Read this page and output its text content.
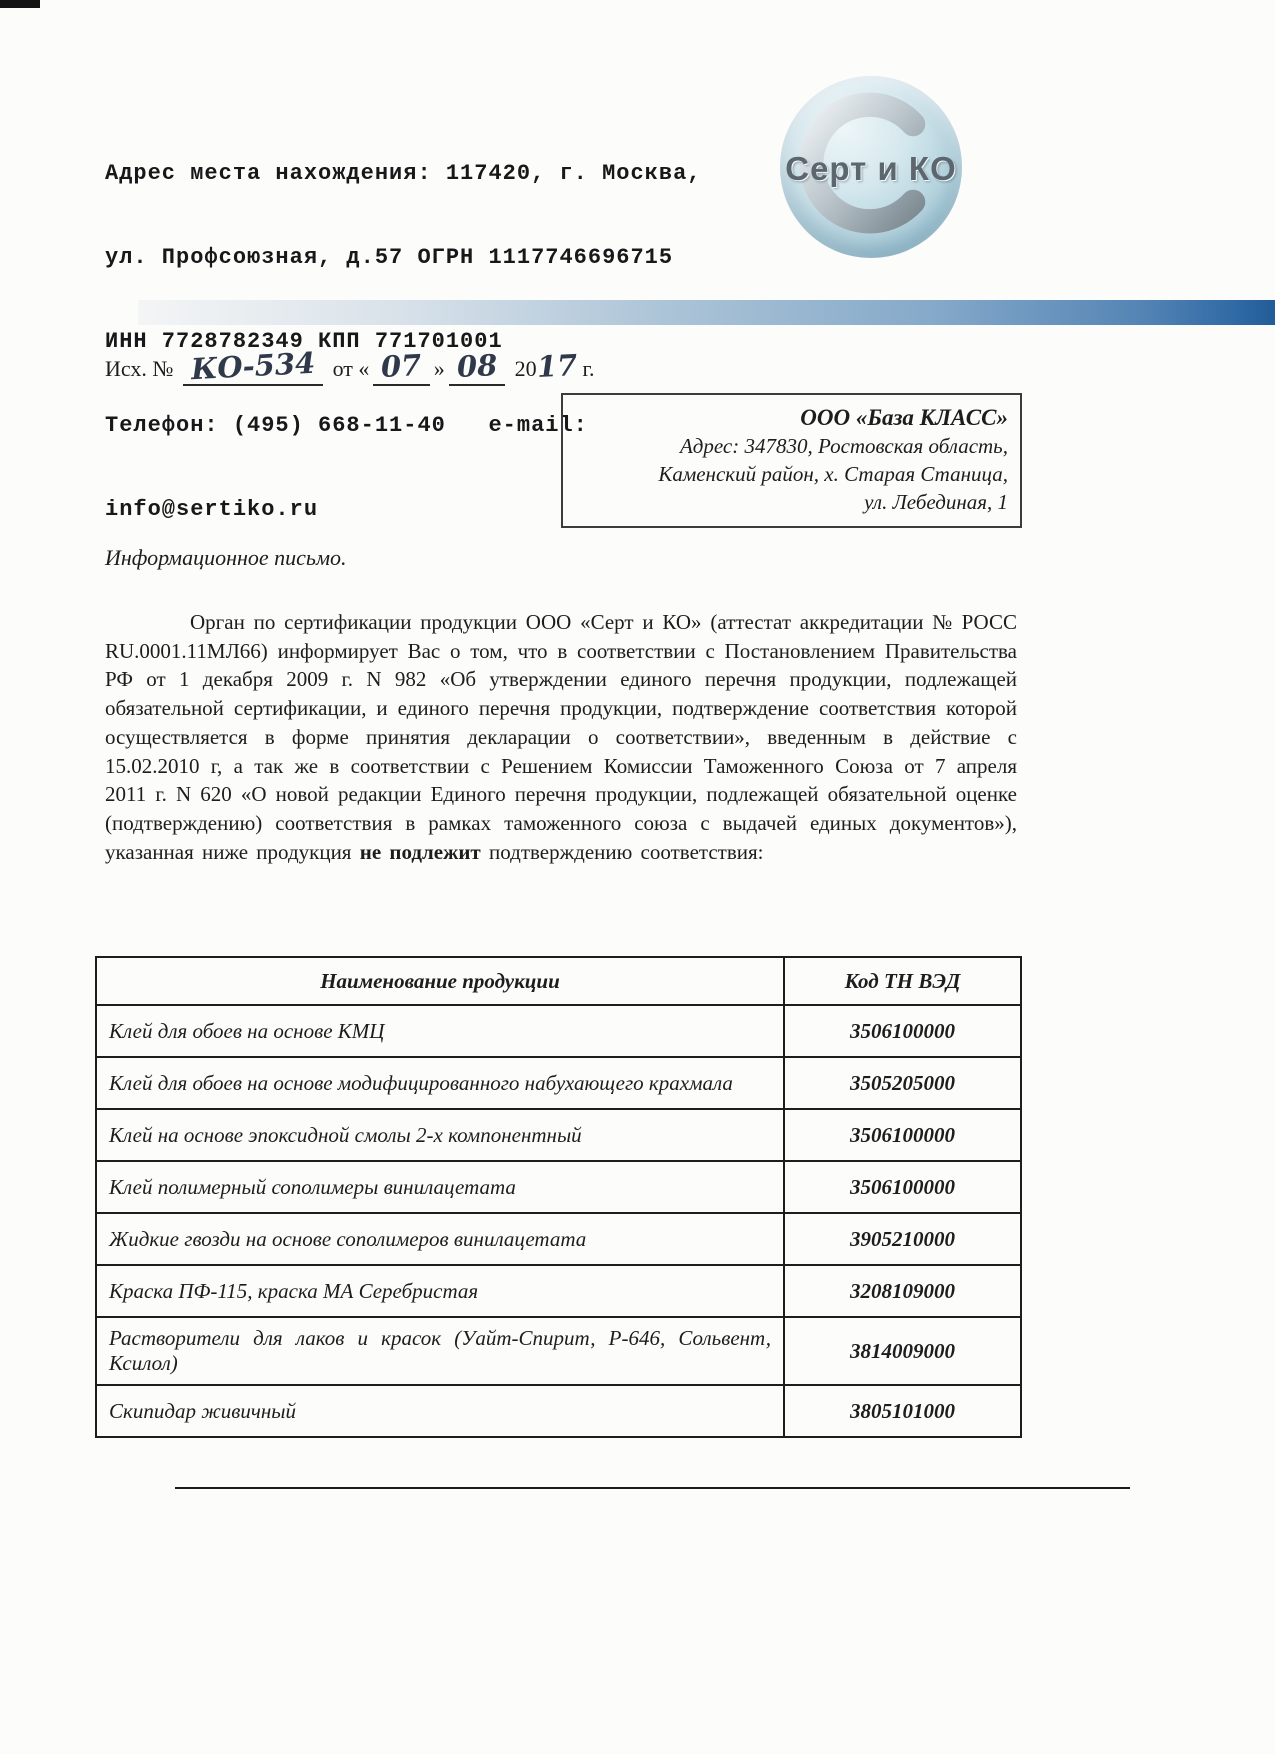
Адрес места нахождения: 117420, г. Москва,

ул. Профсоюзная, д.57 ОГРН 1117746696715

ИНН 7728782349 КПП 771701001

Телефон: (495) 668-11-40   e-mail:

info@sertiko.ru

Серт и КО
Исх. № КО-534 от « 07 » 08 2017 г.
ООО «База КЛАСС»
Адрес: 347830, Ростовская область,
Каменский район, х. Старая Станица,
ул. Лебединая, 1
Информационное письмо.
Орган по сертификации продукции ООО «Серт и КО» (аттестат аккредитации № РОСС RU.0001.11МЛ66) информирует Вас о том, что в соответствии с Постановлением Правительства РФ от 1 декабря 2009 г. N 982 «Об утверждении единого перечня продукции, подлежащей обязательной сертификации, и единого перечня продукции, подтверждение соответствия которой осуществляется в форме принятия декларации о соответствии», введенным в действие с 15.02.2010 г, а так же в соответствии с Решением Комиссии Таможенного Союза от 7 апреля 2011 г. N 620 «О новой редакции Единого перечня продукции, подлежащей обязательной оценке (подтверждению) соответствия в рамках таможенного союза с выдачей единых документов»), указанная ниже продукция не подлежит подтверждению соответствия:
Наименование продукции	Код ТН ВЭД
Клей для обоев на основе КМЦ	3506100000
Клей для обоев на основе модифицированного набухающего крахмала	3505205000
Клей на основе эпоксидной смолы 2-х компонентный	3506100000
Клей полимерный сополимеры винилацетата	3506100000
Жидкие гвозди на основе сополимеров винилацетата	3905210000
Краска ПФ-115, краска МА Серебристая	3208109000
Растворители для лаков и красок (Уайт-Спирит, Р-646, Сольвент, Ксилол)	3814009000
Скипидар живичный	3805101000
